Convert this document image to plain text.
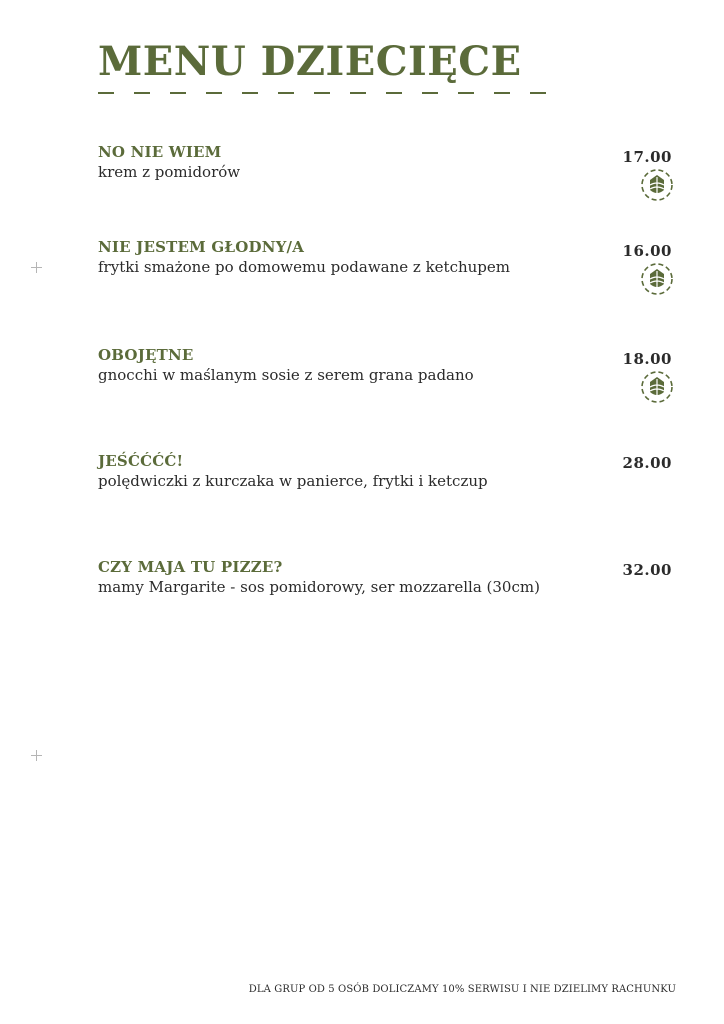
MENU DZIECIĘCE
NO NIE WIEM
krem z pomidorów
17.00
NIE JESTEM GŁODNY/A
frytki smażone po domowemu podawane z ketchupem
16.00
OBOJĘTNE
gnocchi w maślanym sosie z serem grana padano
18.00
JEŚĆĆĆĆ!
polędwiczki z kurczaka w panierce, frytki i ketczup
28.00
CZY MAJA TU PIZZE?
mamy Margarite - sos pomidorowy, ser mozzarella (30cm)
32.00
DLA GRUP OD 5 OSÓB DOLICZAMY 10% SERWISU I NIE DZIELIMY RACHUNKU
